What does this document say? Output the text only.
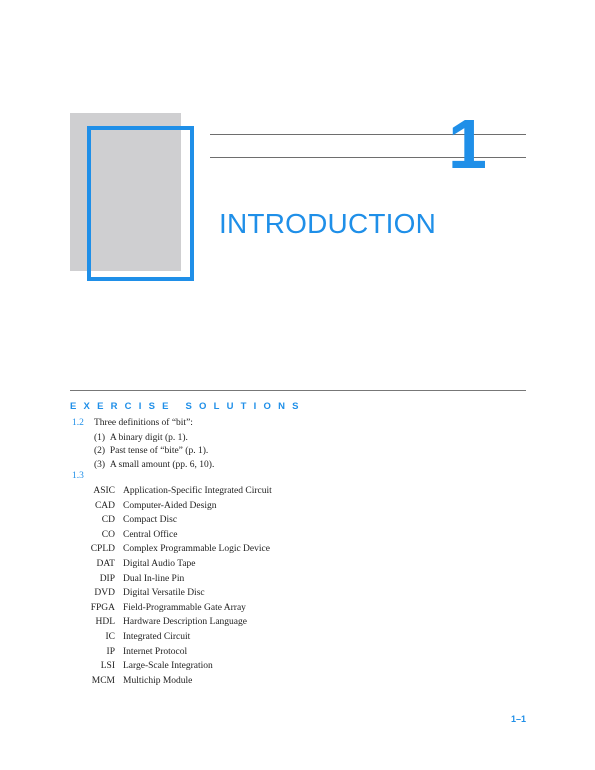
1
INTRODUCTION
EXERCISE SOLUTIONS
1.2 Three definitions of “bit”:
(1) A binary digit (p. 1).
(2) Past tense of “bite” (p. 1).
(3) A small amount (pp. 6, 10).
1.3
ASIC Application-Specific Integrated Circuit
CAD Computer-Aided Design
CD Compact Disc
CO Central Office
CPLD Complex Programmable Logic Device
DAT Digital Audio Tape
DIP Dual In-line Pin
DVD Digital Versatile Disc
FPGA Field-Programmable Gate Array
HDL Hardware Description Language
IC Integrated Circuit
IP Internet Protocol
LSI Large-Scale Integration
MCM Multichip Module
1–1
